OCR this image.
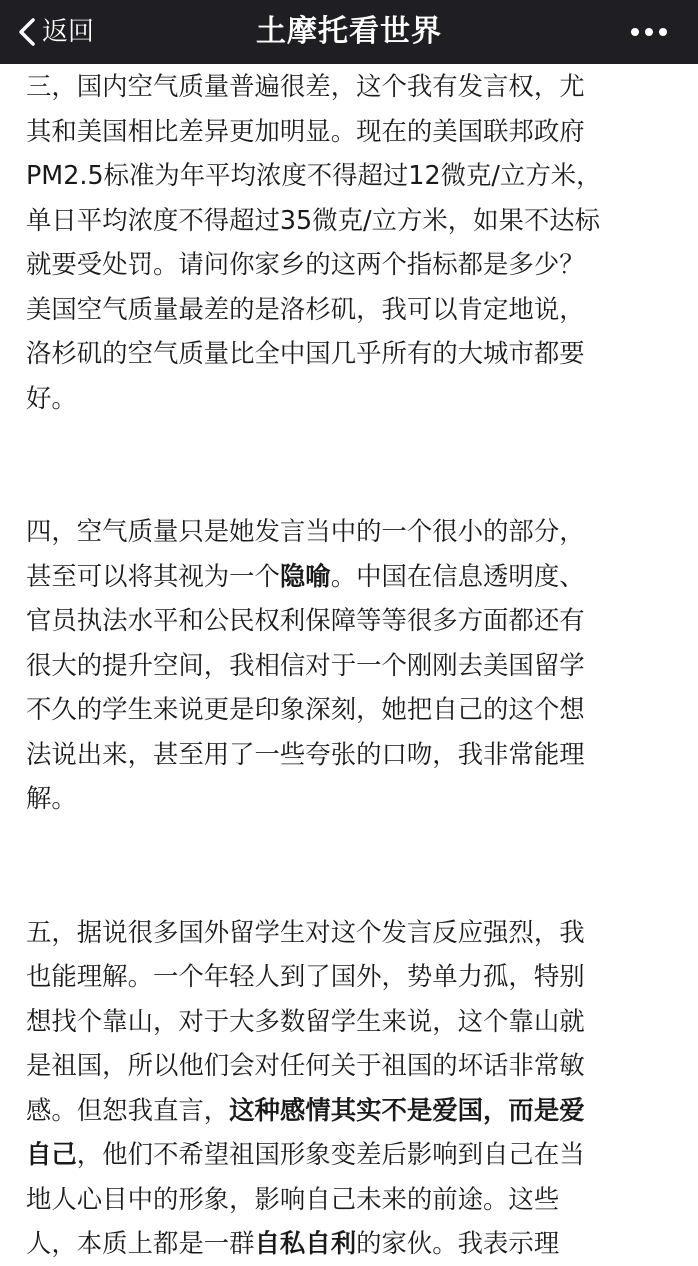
返回	土摩托看世界
三，国内空气质量普遍很差，这个我有发言权，尤
其和美国相比差异更加明显。现在的美国联邦政府
PM2.5标准为年平均浓度不得超过12微克/立方米，
单日平均浓度不得超过35微克/立方米，如果不达标
就要受处罚。请问你家乡的这两个指标都是多少？
美国空气质量最差的是洛杉矶，我可以肯定地说，
洛杉矶的空气质量比全中国几乎所有的大城市都要
好。
四，空气质量只是她发言当中的一个很小的部分，
甚至可以将其视为一个隐喻。中国在信息透明度、
官员执法水平和公民权利保障等等很多方面都还有
很大的提升空间，我相信对于一个刚刚去美国留学
不久的学生来说更是印象深刻，她把自己的这个想
法说出来，甚至用了一些夸张的口吻，我非常能理
解。
五，据说很多国外留学生对这个发言反应强烈，我
也能理解。一个年轻人到了国外，势单力孤，特别
想找个靠山，对于大多数留学生来说，这个靠山就
是祖国，所以他们会对任何关于祖国的坏话非常敏
感。但恕我直言，这种感情其实不是爱国，而是爱
自己，他们不希望祖国形象变差后影响到自己在当
地人心目中的形象，影响自己未来的前途。这些
人，本质上都是一群自私自利的家伙。我表示理
